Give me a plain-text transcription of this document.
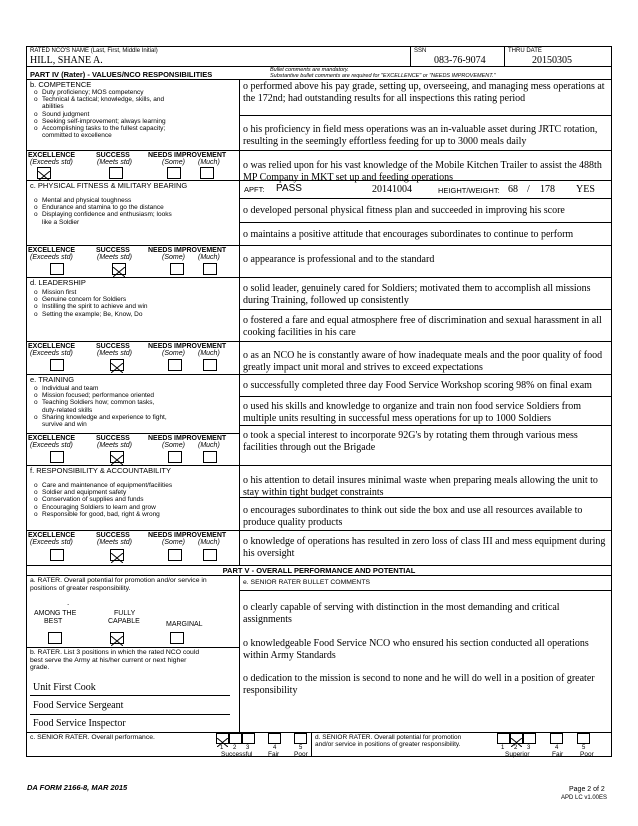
RATED NCO'S NAME (Last, First, Middle Initial)
HILL, SHANE A.
SSN
083-76-9074
THRU DATE
20150305
PART IV (Rater) - VALUES/NCO RESPONSIBILITIES	Bullet comments are mandatory.
Substantive bullet comments are required for "EXCELLENCE" or "NEEDS IMPROVEMENT."
b. COMPETENCE
o Duty proficiency; MOS competency
o Technical & tactical; knowledge, skills, and abilities
o Sound judgment
o Seeking self-improvement; always learning
o Accomplishing tasks to the fullest capacity; committed to excellence
EXCELLENCE
(Exceeds std)
SUCCESS
(Meets std)
NEEDS IMPROVEMENT
(Some) (Much)
o performed above his pay grade, setting up, overseeing, and managing mess operations at the 172nd; had outstanding results for all inspections this rating period
o his proficiency in field mess operations was an in-valuable asset during JRTC rotation, resulting in the seemingly effortless feeding for up to 3000 meals daily
o was relied upon for his vast knowledge of the Mobile Kitchen Trailer to assist the 488th MP Company in MKT set up and feeding operations
c. PHYSICAL FITNESS & MILITARY BEARING
o Mental and physical toughness
o Endurance and stamina to go the distance
o Displaying confidence and enthusiasm; looks like a Soldier
EXCELLENCE
(Exceeds std)
SUCCESS
(Meets std)
NEEDS IMPROVEMENT
(Some) (Much)
APFT: PASS	20141004	HEIGHT/WEIGHT: 68 / 178 YES
o developed personal physical fitness plan and succeeded in improving his score
o maintains a positive attitude that encourages subordinates to continue to perform
o appearance is professional and to the standard
d. LEADERSHIP
o Mission first
o Genuine concern for Soldiers
o Instilling the spirit to achieve and win
o Setting the example; Be, Know, Do
EXCELLENCE
(Exceeds std)
SUCCESS
(Meets std)
NEEDS IMPROVEMENT
(Some) (Much)
o solid leader, genuinely cared for Soldiers; motivated them to accomplish all missions during Training, followed up consistently
o fostered a fare and equal atmosphere free of discrimination and sexual harassment in all cooking facilities in his care
o as an NCO he is constantly aware of how inadequate meals and the poor quality of food greatly impact unit moral and strives to exceed expectations
e. TRAINING
o Individual and team
o Mission focused; performance oriented
o Teaching Soldiers how; common tasks, duty-related skills
o Sharing knowledge and experience to fight, survive and win
EXCELLENCE
(Exceeds std)
SUCCESS
(Meets std)
NEEDS IMPROVEMENT
(Some) (Much)
o successfully completed three day Food Service Workshop scoring 98% on final exam
o used his skills and knowledge to organize and train non food service Soldiers from multiple units resulting in successful mess operations for up to 1000 Soldiers
o took a special interest to incorporate 92G's by rotating them through various mess facilities through out the Brigade
f. RESPONSIBILITY & ACCOUNTABILITY
o Care and maintenance of equipment/facilities
o Soldier and equipment safety
o Conservation of supplies and funds
o Encouraging Soldiers to learn and grow
o Responsible for good, bad, right & wrong
EXCELLENCE
(Exceeds std)
SUCCESS
(Meets std)
NEEDS IMPROVEMENT
(Some) (Much)
o his attention to detail insures minimal waste when preparing meals allowing the unit to stay within tight budget constraints
o encourages subordinates to think out side the box and use all resources available to produce quality products
o knowledge of operations has resulted in zero loss of class III and mess equipment during his oversight
PART V - OVERALL PERFORMANCE AND POTENTIAL
a. RATER. Overall potential for promotion and/or service in positions of greater responsibility.
.
AMONG THE
BEST
FULLY
CAPABLE	MARGINAL
b. RATER. List 3 positions in which the rated NCO could best serve the Army at his/her current or next higher grade.
Unit First Cook
Food Service Sergeant
Food Service Inspector
e. SENIOR RATER BULLET COMMENTS
o clearly capable of serving with distinction in the most demanding and critical assignments
o knowledgeable Food Service NCO who ensured his section conducted all operations within Army Standards
o dedication to the mission is second to none and he will do well in a position of greater responsibility
c. SENIOR RATER. Overall performance.
1 2 3	4	5
Successful Fair Poor
d. SENIOR RATER. Overall potential for promotion and/or service in positions of greater responsibility.	1 2 3	4	5
Superior	Fair	Poor
DA FORM 2166-8, MAR 2015	Page 2 of 2
APD LC v1.00ES
